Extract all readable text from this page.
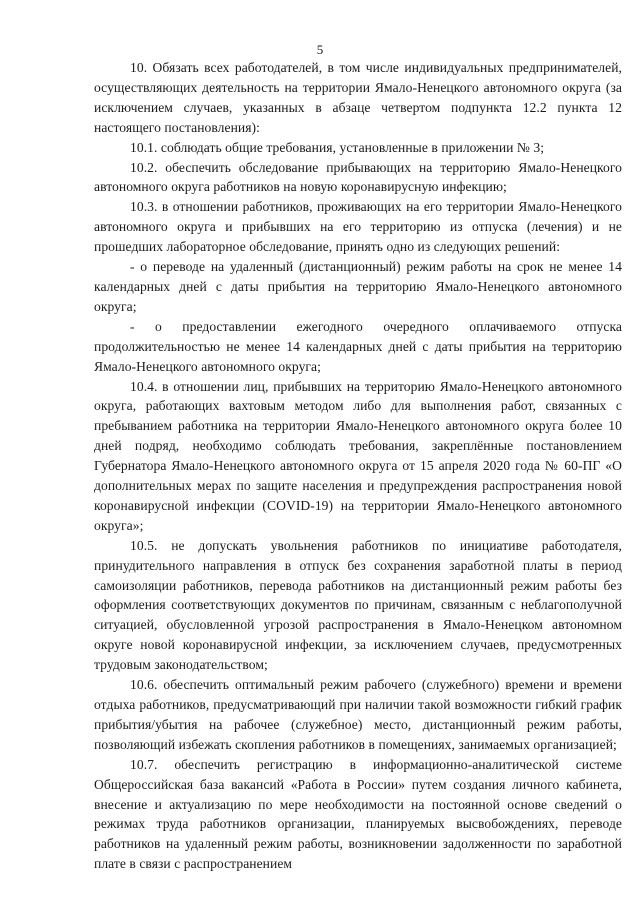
5

10. Обязать всех работодателей, в том числе индивидуальных предпринимателей, осуществляющих деятельность на территории Ямало-Ненецкого автономного округа (за исключением случаев, указанных в абзаце четвертом подпункта 12.2 пункта 12 настоящего постановления):

10.1. соблюдать общие требования, установленные в приложении № 3;

10.2. обеспечить обследование прибывающих на территорию Ямало-Ненецкого автономного округа работников на новую коронавирусную инфекцию;

10.3. в отношении работников, проживающих на его территории Ямало-Ненецкого автономного округа и прибывших на его территорию из отпуска (лечения) и не прошедших лабораторное обследование, принять одно из следующих решений:

- о переводе на удаленный (дистанционный) режим работы на срок не менее 14 календарных дней с даты прибытия на территорию Ямало-Ненецкого автономного округа;

- о предоставлении ежегодного очередного оплачиваемого отпуска продолжительностью не менее 14 календарных дней с даты прибытия на территорию Ямало-Ненецкого автономного округа;

10.4. в отношении лиц, прибывших на территорию Ямало-Ненецкого автономного округа, работающих вахтовым методом либо для выполнения работ, связанных с пребыванием работника на территории Ямало-Ненецкого автономного округа более 10 дней подряд, необходимо соблюдать требования, закреплённые постановлением Губернатора Ямало-Ненецкого автономного округа от 15 апреля 2020 года № 60-ПГ «О дополнительных мерах по защите населения и предупреждения распространения новой коронавирусной инфекции (COVID-19) на территории Ямало-Ненецкого автономного округа»;

10.5. не допускать увольнения работников по инициативе работодателя, принудительного направления в отпуск без сохранения заработной платы в период самоизоляции работников, перевода работников на дистанционный режим работы без оформления соответствующих документов по причинам, связанным с неблагополучной ситуацией, обусловленной угрозой распространения в Ямало-Ненецком автономном округе новой коронавирусной инфекции, за исключением случаев, предусмотренных трудовым законодательством;

10.6. обеспечить оптимальный режим рабочего (служебного) времени и времени отдыха работников, предусматривающий при наличии такой возможности гибкий график прибытия/убытия на рабочее (служебное) место, дистанционный режим работы, позволяющий избежать скопления работников в помещениях, занимаемых организацией;

10.7. обеспечить регистрацию в информационно-аналитической системе Общероссийская база вакансий «Работа в России» путем создания личного кабинета, внесение и актуализацию по мере необходимости на постоянной основе сведений о режимах труда работников организации, планируемых высвобождениях, переводе работников на удаленный режим работы, возникновении задолженности по заработной плате в связи с распространением
